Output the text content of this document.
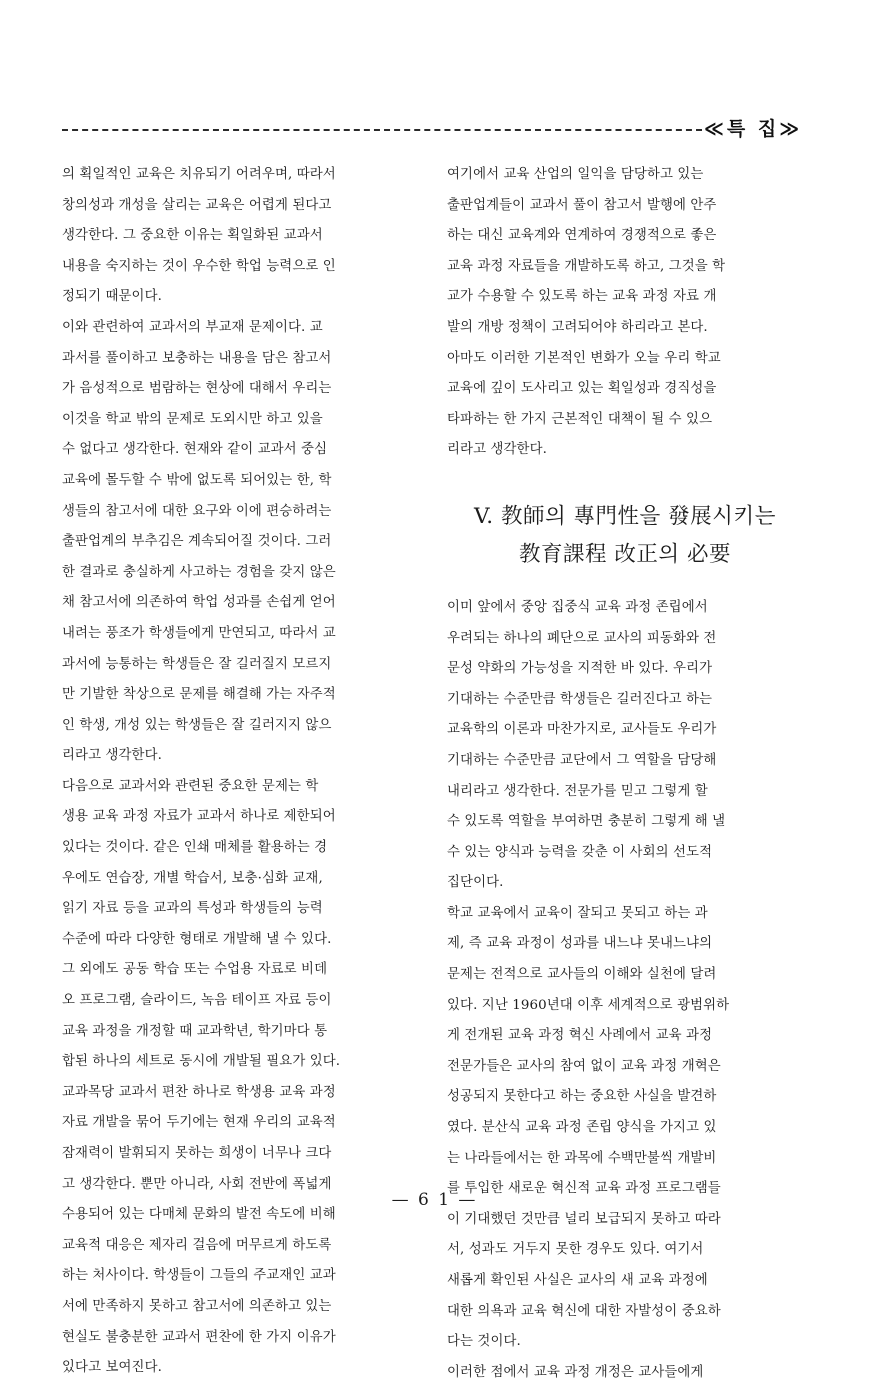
≪특 집≫
의 획일적인 교육은 치유되기 어려우며, 따라서
창의성과 개성을 살리는 교육은 어렵게 된다고
생각한다. 그 중요한 이유는 획일화된 교과서
내용을 숙지하는 것이 우수한 학업 능력으로 인
정되기 때문이다.
이와 관련하여 교과서의 부교재 문제이다. 교
과서를 풀이하고 보충하는 내용을 담은 참고서
가 음성적으로 범람하는 현상에 대해서 우리는
이것을 학교 밖의 문제로 도외시만 하고 있을
수 없다고 생각한다. 현재와 같이 교과서 중심
교육에 몰두할 수 밖에 없도록 되어있는 한, 학
생들의 참고서에 대한 요구와 이에 편승하려는
출판업계의 부추김은 계속되어질 것이다. 그러
한 결과로 충실하게 사고하는 경험을 갖지 않은
채 참고서에 의존하여 학업 성과를 손쉽게 얻어
내려는 풍조가 학생들에게 만연되고, 따라서 교
과서에 능통하는 학생들은 잘 길러질지 모르지
만 기발한 착상으로 문제를 해결해 가는 자주적
인 학생, 개성 있는 학생들은 잘 길러지지 않으
리라고 생각한다.
다음으로 교과서와 관련된 중요한 문제는 학
생용 교육 과정 자료가 교과서 하나로 제한되어
있다는 것이다. 같은 인쇄 매체를 활용하는 경
우에도 연습장, 개별 학습서, 보충·심화 교재,
읽기 자료 등을 교과의 특성과 학생들의 능력
수준에 따라 다양한 형태로 개발해 낼 수 있다.
그 외에도 공동 학습 또는 수업용 자료로 비데
오 프로그램, 슬라이드, 녹음 테이프 자료 등이
교육 과정을 개정할 때 교과학년, 학기마다 통
합된 하나의 세트로 동시에 개발될 필요가 있다.
교과목당 교과서 편찬 하나로 학생용 교육 과정
자료 개발을 묶어 두기에는 현재 우리의 교육적
잠재력이 발휘되지 못하는 희생이 너무나 크다
고 생각한다. 뿐만 아니라, 사회 전반에 폭넓게
수용되어 있는 다매체 문화의 발전 속도에 비해
교육적 대응은 제자리 걸음에 머무르게 하도록
하는 처사이다. 학생들이 그들의 주교재인 교과
서에 만족하지 못하고 참고서에 의존하고 있는
현실도 불충분한 교과서 편찬에 한 가지 이유가
있다고 보여진다.
여기에서 교육 산업의 일익을 담당하고 있는
출판업계들이 교과서 풀이 참고서 발행에 안주
하는 대신 교육계와 연계하여 경쟁적으로 좋은
교육 과정 자료들을 개발하도록 하고, 그것을 학
교가 수용할 수 있도록 하는 교육 과정 자료 개
발의 개방 정책이 고려되어야 하리라고 본다.
아마도 이러한 기본적인 변화가 오늘 우리 학교
교육에 깊이 도사리고 있는 획일성과 경직성을
타파하는 한 가지 근본적인 대책이 될 수 있으
리라고 생각한다.
V. 教師의 專門性을 發展시키는
教育課程 改正의 必要
이미 앞에서 중앙 집중식 교육 과정 존립에서
우려되는 하나의 폐단으로 교사의 피동화와 전
문성 약화의 가능성을 지적한 바 있다. 우리가
기대하는 수준만큼 학생들은 길러진다고 하는
교육학의 이론과 마찬가지로, 교사들도 우리가
기대하는 수준만큼 교단에서 그 역할을 담당해
내리라고 생각한다. 전문가를 믿고 그렇게 할
수 있도록 역할을 부여하면 충분히 그렇게 해 낼
수 있는 양식과 능력을 갖춘 이 사회의 선도적
집단이다.
학교 교육에서 교육이 잘되고 못되고 하는 과
제, 즉 교육 과정이 성과를 내느냐 못내느냐의
문제는 전적으로 교사들의 이해와 실천에 달려
있다. 지난 1960년대 이후 세계적으로 광범위하
게 전개된 교육 과정 혁신 사례에서 교육 과정
전문가들은 교사의 참여 없이 교육 과정 개혁은
성공되지 못한다고 하는 중요한 사실을 발견하
였다. 분산식 교육 과정 존립 양식을 가지고 있
는 나라들에서는 한 과목에 수백만불씩 개발비
를 투입한 새로운 혁신적 교육 과정 프로그램들
이 기대했던 것만큼 널리 보급되지 못하고 따라
서, 성과도 거두지 못한 경우도 있다. 여기서
새롭게 확인된 사실은 교사의 새 교육 과정에
대한 의욕과 교육 혁신에 대한 자발성이 중요하
다는 것이다.
이러한 점에서 교육 과정 개정은 교사들에게
— 6 1 —
